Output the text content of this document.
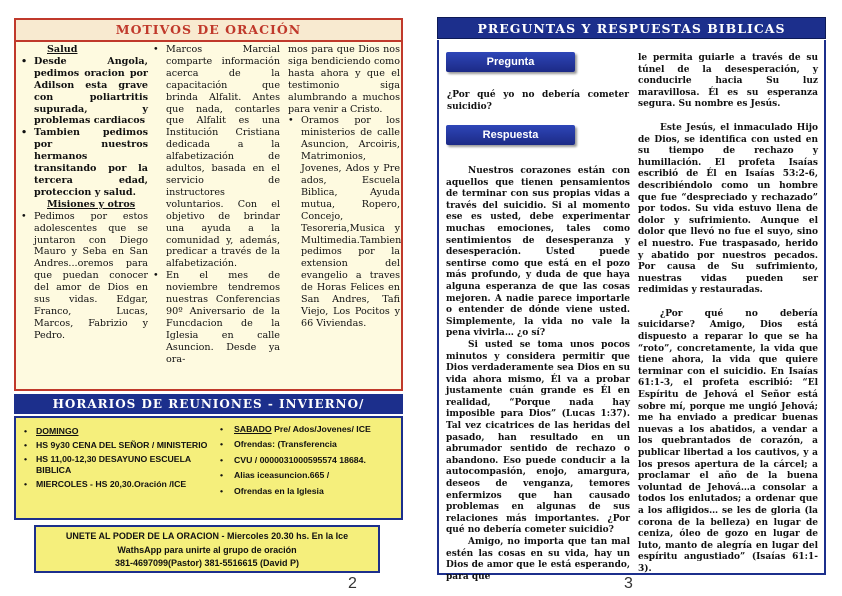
MOTIVOS DE ORACIÓN
Salud
• Desde Angola, pedimos oracion por Adilson esta grave con poliartritis supurada, y problemas cardiacos
• Tambien pedimos por nuestros hermanos transitando por la tercera edad, proteccion y salud.
Misiones y otros
• Pedimos por estos adolescentes que se juntaron con Diego Mauro y Seba en San Andres...oremos para que puedan conocer del amor de Dios en sus vidas. Edgar, Franco, Lucas, Marcos, Fabrizio y Pedro.
• Marcos Marcial comparte información acerca de la capacitación que brinda Alfalit. Antes que nada, contarles que Alfalit es una Institución Cristiana dedicada a la alfabetización de adultos, basada en el servicio de instructores voluntarios. Con el objetivo de brindar una ayuda a la comunidad y, además, predicar a través de la alfabetización.
• En el mes de noviembre tendremos nuestras Conferencias 90º Aniversario de la Funcdacion de la Iglesia en calle Asuncion. Desde ya ora-
mos para que Dios nos siga bendiciendo como hasta ahora y que el testimonio siga alumbrando a muchos para venir a Cristo.
• Oramos por los ministerios de calle Asuncion, Arcoiris, Matrimonios, Jovenes, Ados y Pre ados, Escuela Biblica, Ayuda mutua, Ropero, Concejo, Tesoreria,Musica y Multimedia.Tambien pedimos por la extension del evangelio a traves de Horas Felices en San Andres, Tafi Viejo, Los Pocitos y 66 Viviendas.
HORARIOS DE REUNIONES - INVIERNO/
• DOMINGO
• HS 9y30 CENA DEL SEÑOR / MINISTERIO
• HS 11,00-12,30 DESAYUNO ESCUELA BIBLICA
• MIERCOLES - HS 20,30.Oración /ICE
• SABADO Pre/ Ados/Jovenes/ ICE
• Ofrendas: (Transferencia
• CVU / 0000031000595574 18684.
• Alias iceasuncion.665 /
• Ofrendas en la Iglesia
UNETE AL PODER DE LA ORACION - Miercoles 20.30 hs. En la Ice
WathsApp para unirte al grupo de oración
381-4697099(Pastor) 381-5516615 (David P)
2
PREGUNTAS Y RESPUESTAS BIBLICAS
Pregunta
¿Por qué yo no debería cometer suicidio?
Respuesta

Nuestros corazones están con aquellos que tienen pensamientos de terminar con sus propias vidas a través del suicidio. Si al momento ese es usted, debe experimentar muchas emociones, tales como sentimientos de desesperanza y desesperación. Usted puede sentirse como que está en el pozo más profundo, y duda de que haya alguna esperanza de que las cosas mejoren. A nadie parece importarle o entender de dónde viene usted. Simplemente, la vida no vale la pena vivirla… ¿o sí?

Si usted se toma unos pocos minutos y considera permitir que Dios verdaderamente sea Dios en su vida ahora mismo, Él va a probar justamente cuán grande es Él en realidad, “Porque nada hay imposible para Dios” (Lucas 1:37). Tal vez cicatrices de las heridas del pasado, han resultado en un abrumador sentido de rechazo o abandono. Eso puede conducir a la autocompasión, enojo, amargura, deseos de venganza, temores enfermizos que han causado problemas en algunas de sus relaciones más importantes. ¿Por qué no debería cometer suicidio?

Amigo, no importa que tan mal estén las cosas en su vida, hay un Dios de amor que le está esperando, para que

le permita guiarle a través de su túnel de la desesperación, y conducirle hacia Su luz maravillosa. Él es su esperanza segura. Su nombre es Jesús.

Este Jesús, el inmaculado Hijo de Dios, se identifica con usted en su tiempo de rechazo y humillación. El profeta Isaías escribió de Él en Isaías 53:2-6, describiéndolo como un hombre que fue “despreciado y rechazado” por todos. Su vida estuvo llena de dolor y sufrimiento. Aunque el dolor que llevó no fue el suyo, sino el nuestro. Fue traspasado, herido y abatido por nuestros pecados. Por causa de Su sufrimiento, nuestras vidas pueden ser redimidas y restauradas.

¿Por qué no debería suicidarse? Amigo, Dios está dispuesto a reparar lo que se ha “roto”, concretamente, la vida que tiene ahora, la vida que quiere terminar con el suicidio. En Isaías 61:1-3, el profeta escribió: “El Espíritu de Jehová el Señor está sobre mí, porque me ungió Jehová; me ha enviado a predicar buenas nuevas a los abatidos, a vendar a los quebrantados de corazón, a publicar libertad a los cautivos, y a los presos apertura de la cárcel; a proclamar el año de la buena voluntad de Jehová…a consolar a todos los enlutados; a ordenar que a los afligidos… se les de gloria (la corona de la belleza) en lugar de ceniza, óleo de gozo en lugar de luto, manto de alegría en lugar del espíritu angustiado” (Isaías 61:1-3).

3
